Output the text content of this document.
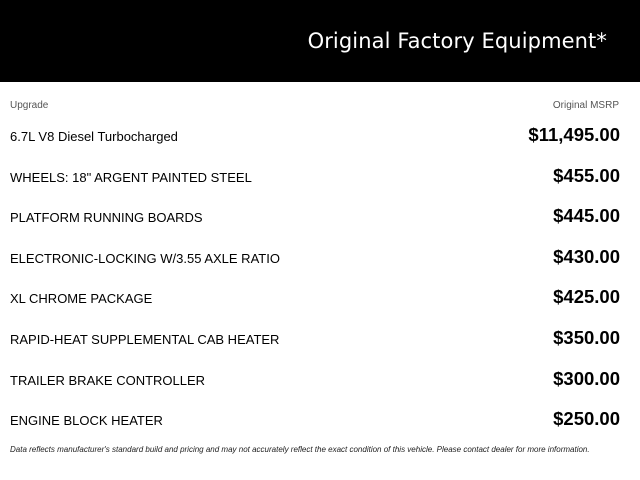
Original Factory Equipment*
Upgrade	Original MSRP
6.7L V8 Diesel Turbocharged	$11,495.00
WHEELS: 18" ARGENT PAINTED STEEL	$455.00
PLATFORM RUNNING BOARDS	$445.00
ELECTRONIC-LOCKING W/3.55 AXLE RATIO	$430.00
XL CHROME PACKAGE	$425.00
RAPID-HEAT SUPPLEMENTAL CAB HEATER	$350.00
TRAILER BRAKE CONTROLLER	$300.00
ENGINE BLOCK HEATER	$250.00
Data reflects manufacturer's standard build and pricing and may not accurately reflect the exact condition of this vehicle. Please contact dealer for more information.
